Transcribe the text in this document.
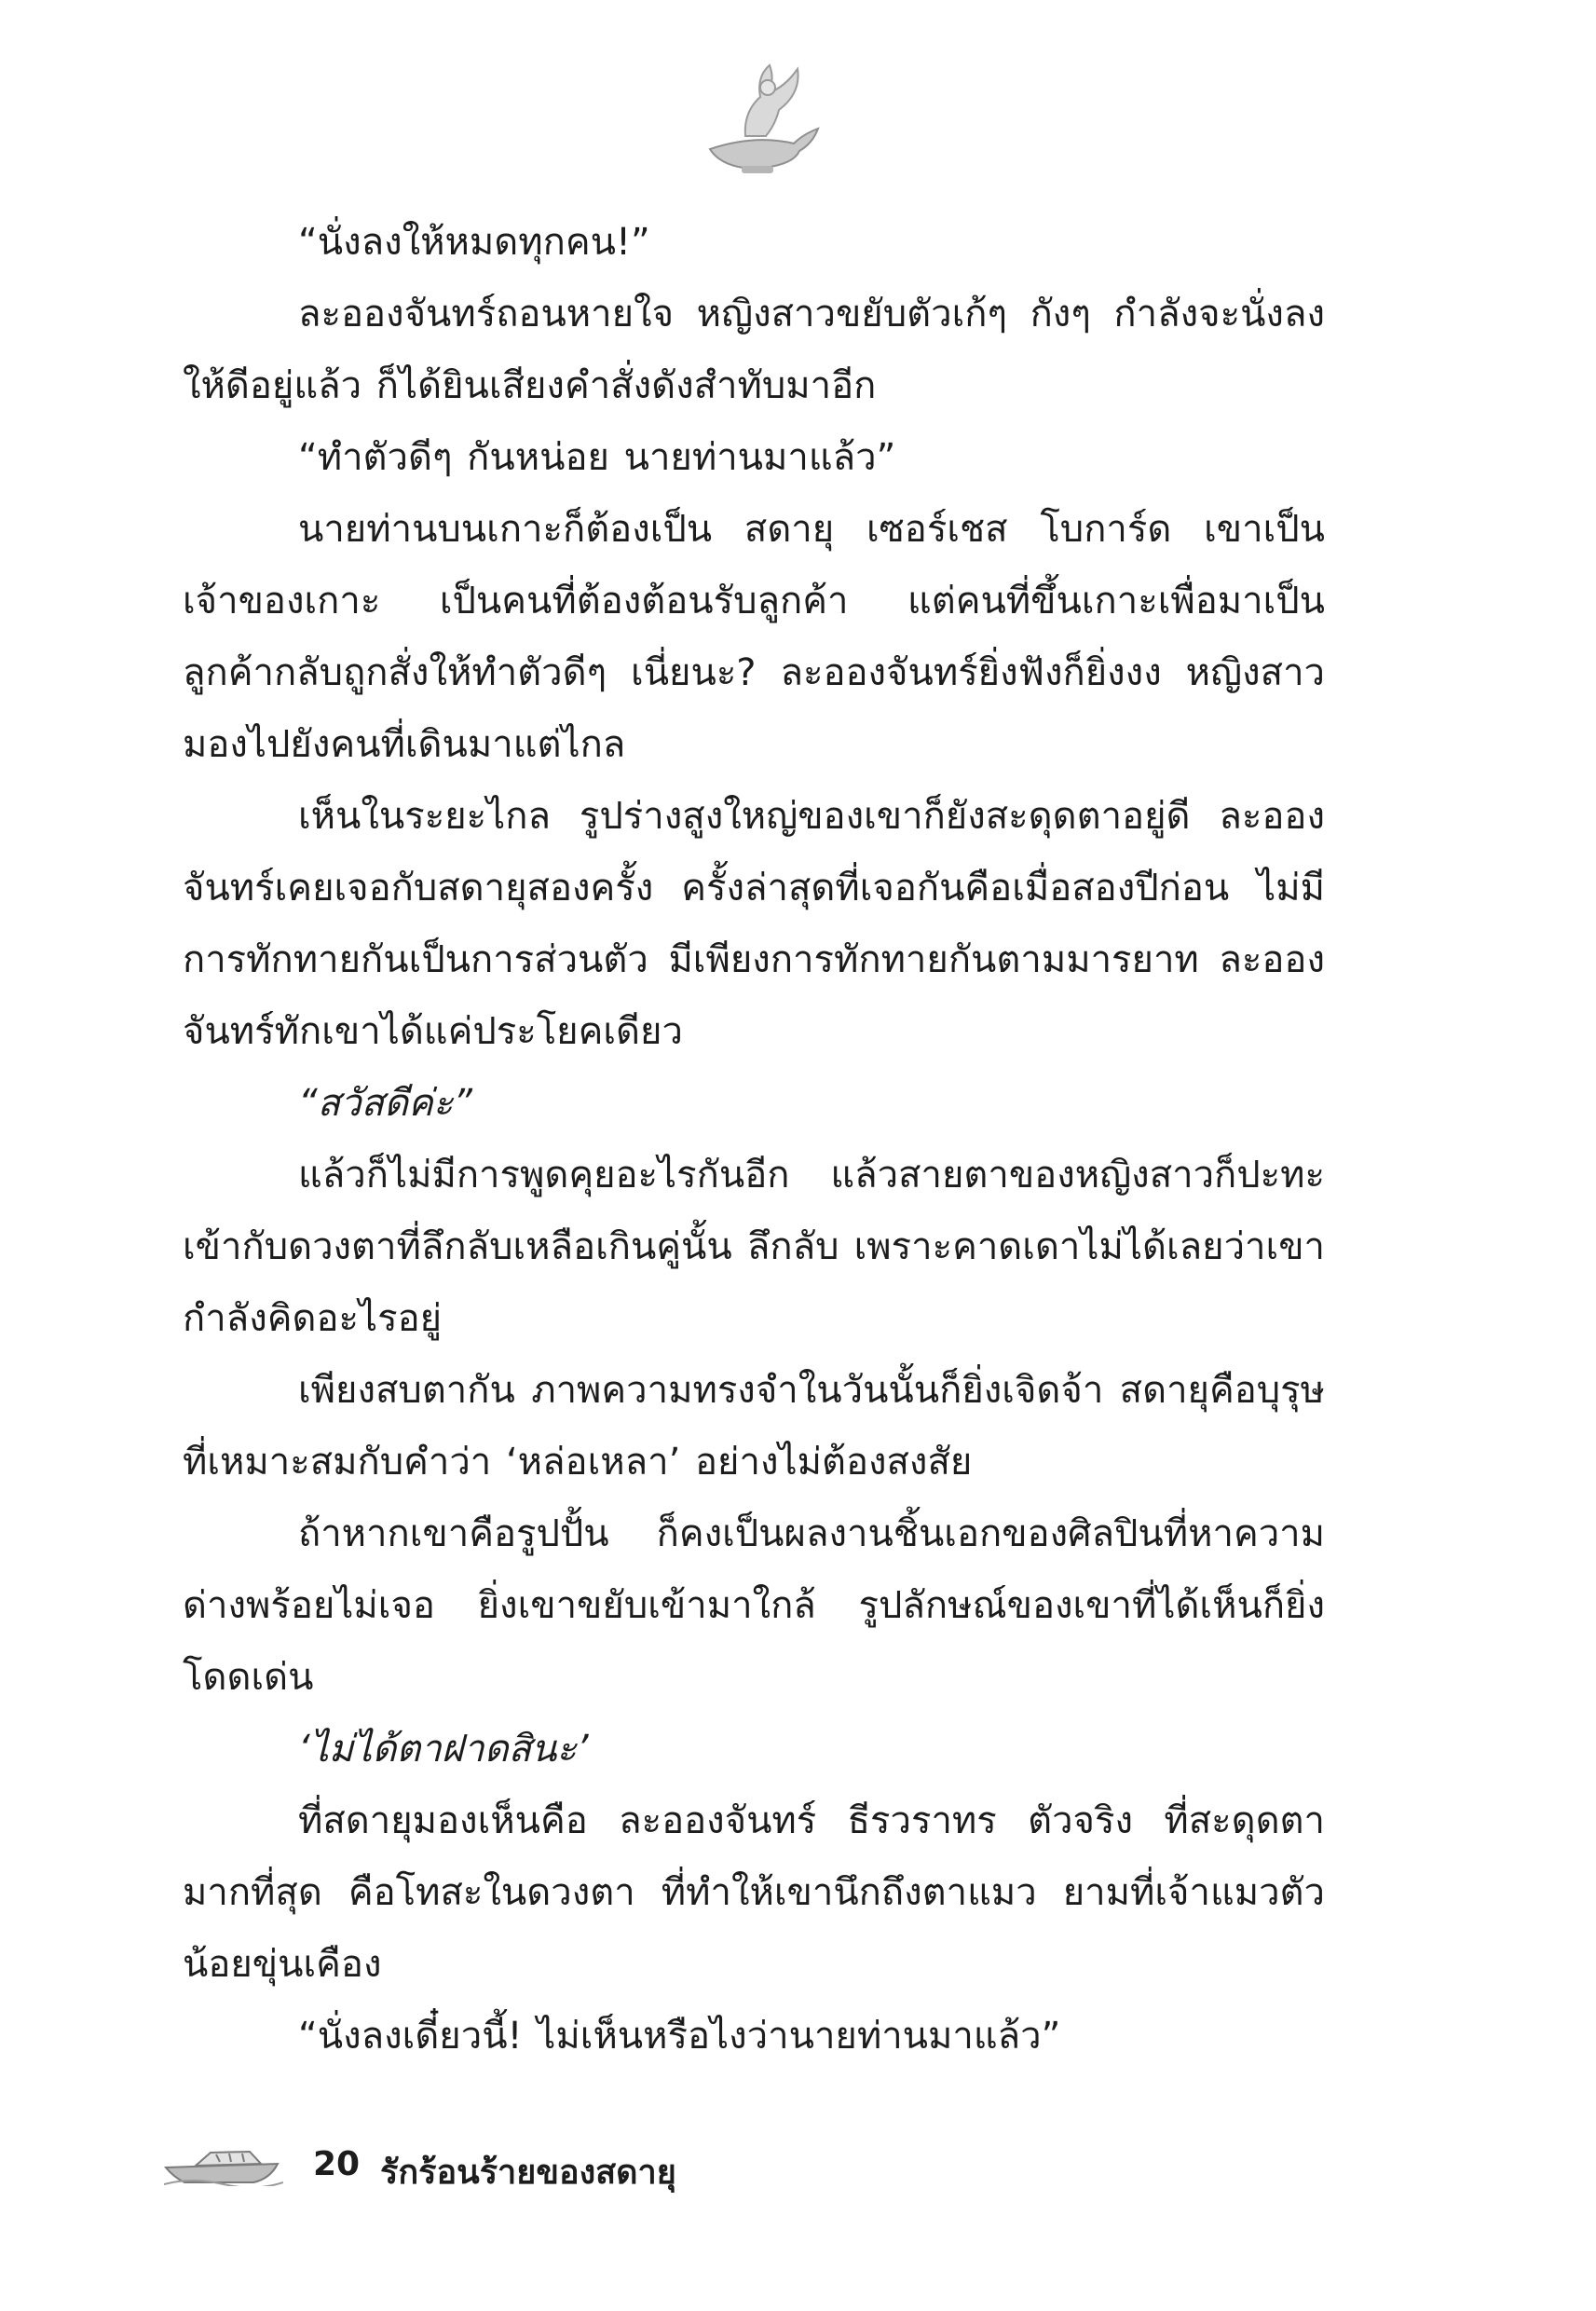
“นั่งลงให้หมดทุกคน!”

ละอองจันทร์ถอนหายใจ หญิงสาวขยับตัวเก้ๆ กังๆ กำลังจะนั่งลงให้ดีอยู่แล้ว ก็ได้ยินเสียงคำสั่งดังสำทับมาอีก

“ทำตัวดีๆ กันหน่อย นายท่านมาแล้ว”

นายท่านบนเกาะก็ต้องเป็น สดายุ เซอร์เชส โบการ์ด เขาเป็นเจ้าของเกาะ เป็นคนที่ต้องต้อนรับลูกค้า แต่คนที่ขึ้นเกาะเพื่อมาเป็นลูกค้ากลับถูกสั่งให้ทำตัวดีๆ เนี่ยนะ? ละอองจันทร์ยิ่งฟังก็ยิ่งงง หญิงสาวมองไปยังคนที่เดินมาแต่ไกล

เห็นในระยะไกล รูปร่างสูงใหญ่ของเขาก็ยังสะดุดตาอยู่ดี ละอองจันทร์เคยเจอกับสดายุสองครั้ง ครั้งล่าสุดที่เจอกันคือเมื่อสองปีก่อน ไม่มีการทักทายกันเป็นการส่วนตัว มีเพียงการทักทายกันตามมารยาท ละอองจันทร์ทักเขาได้แค่ประโยคเดียว

“สวัสดีค่ะ”

แล้วก็ไม่มีการพูดคุยอะไรกันอีก แล้วสายตาของหญิงสาวก็ปะทะเข้ากับดวงตาที่ลึกลับเหลือเกินคู่นั้น ลึกลับ เพราะคาดเดาไม่ได้เลยว่าเขากำลังคิดอะไรอยู่

เพียงสบตากัน ภาพความทรงจำในวันนั้นก็ยิ่งเจิดจ้า สดายุคือบุรุษที่เหมาะสมกับคำว่า ‘หล่อเหลา’ อย่างไม่ต้องสงสัย

ถ้าหากเขาคือรูปปั้น ก็คงเป็นผลงานชิ้นเอกของศิลปินที่หาความด่างพร้อยไม่เจอ ยิ่งเขาขยับเข้ามาใกล้ รูปลักษณ์ของเขาที่ได้เห็นก็ยิ่งโดดเด่น

‘ไม่ได้ตาฝาดสินะ’

ที่สดายุมองเห็นคือ ละอองจันทร์ ธีรวราทร ตัวจริง ที่สะดุดตามากที่สุด คือโทสะในดวงตา ที่ทำให้เขานึกถึงตาแมว ยามที่เจ้าแมวตัวน้อยขุ่นเคือง

“นั่งลงเดี๋ยวนี้! ไม่เห็นหรือไงว่านายท่านมาแล้ว”

20 รักร้อนร้ายของสดายุ
